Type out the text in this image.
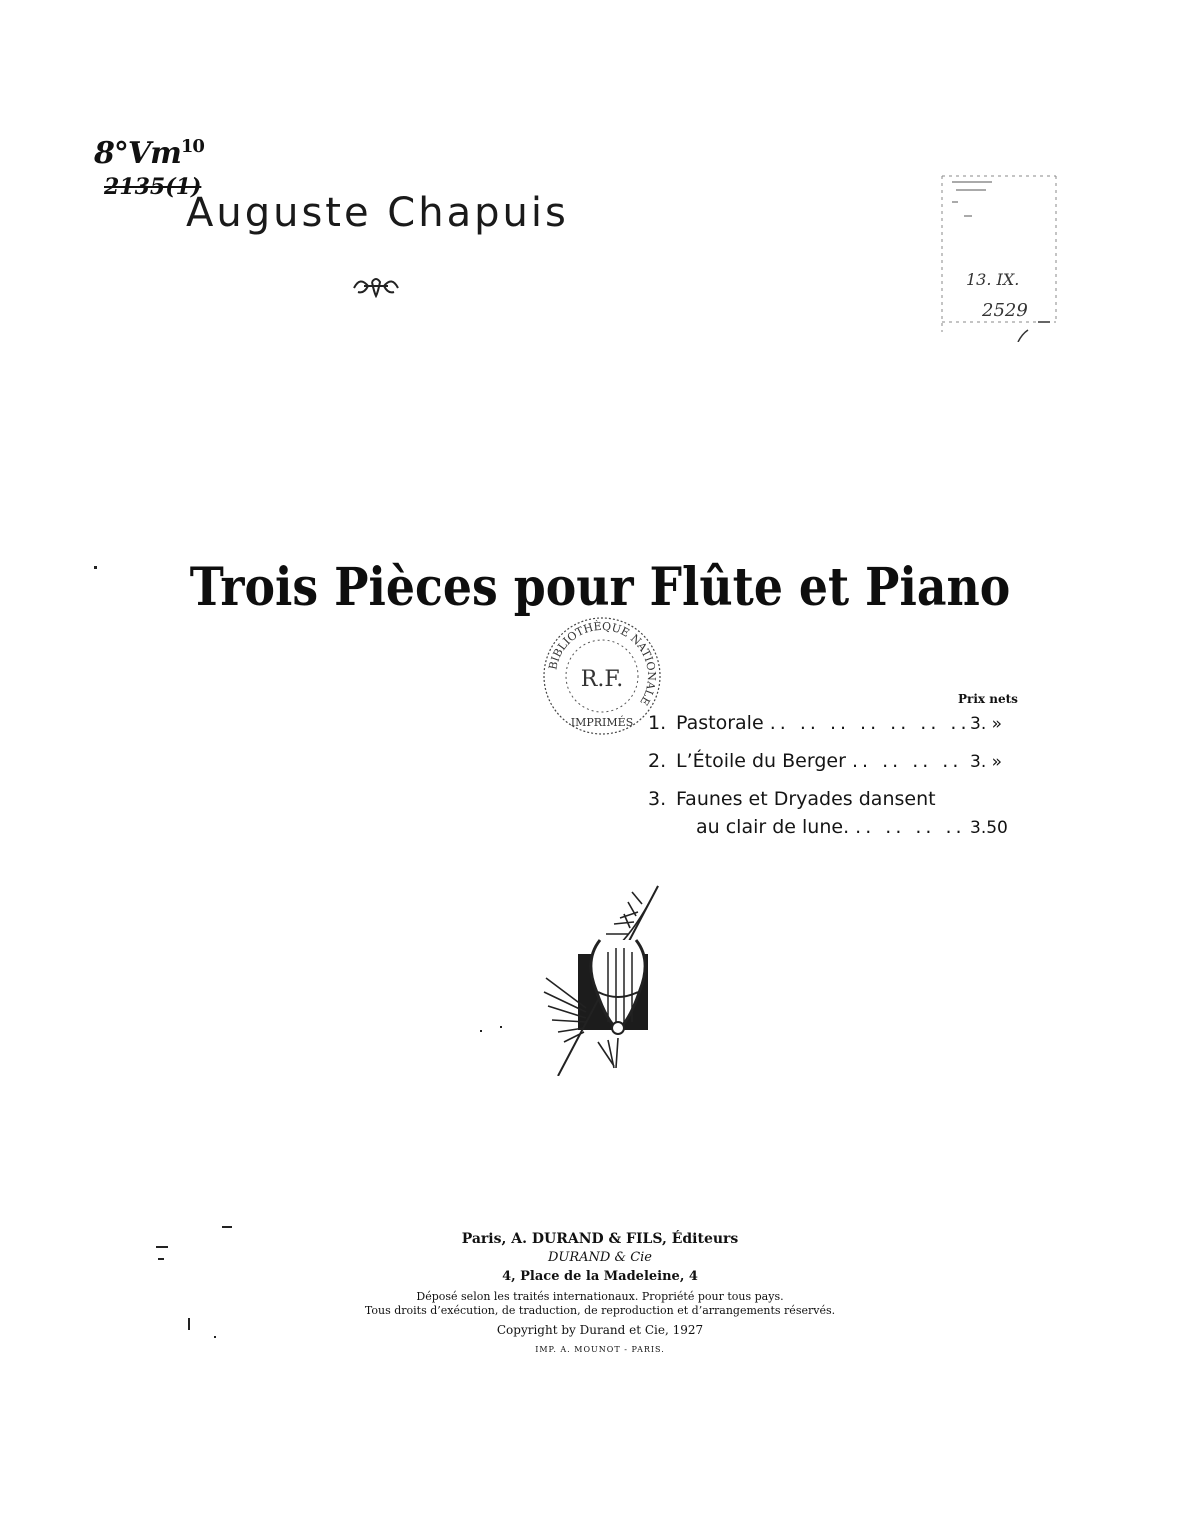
8°Vm$^{10}$
2135(1)
Auguste Chapuis
13. IX.
2529
Trois Pièces pour Flûte et Piano
BIBLIOTHÈQUE NATIONALE
R.F.
IMPRIMÉS
Prix nets
1. Pastorale .. .. .. .. .. .. .. 3. »
2. L’Étoile du Berger .. .. .. .. 3. »
3. Faunes et Dryades dansent
au clair de lune. .. .. .. .. 3.50
Paris, A. DURAND & FILS, Éditeurs
DURAND & Cie
4, Place de la Madeleine, 4
Déposé selon les traités internationaux. Propriété pour tous pays.
Tous droits d’exécution, de traduction, de reproduction et d’arrangements réservés.
Copyright by Durand et Cie, 1927
IMP. A. MOUNOT - PARIS.
